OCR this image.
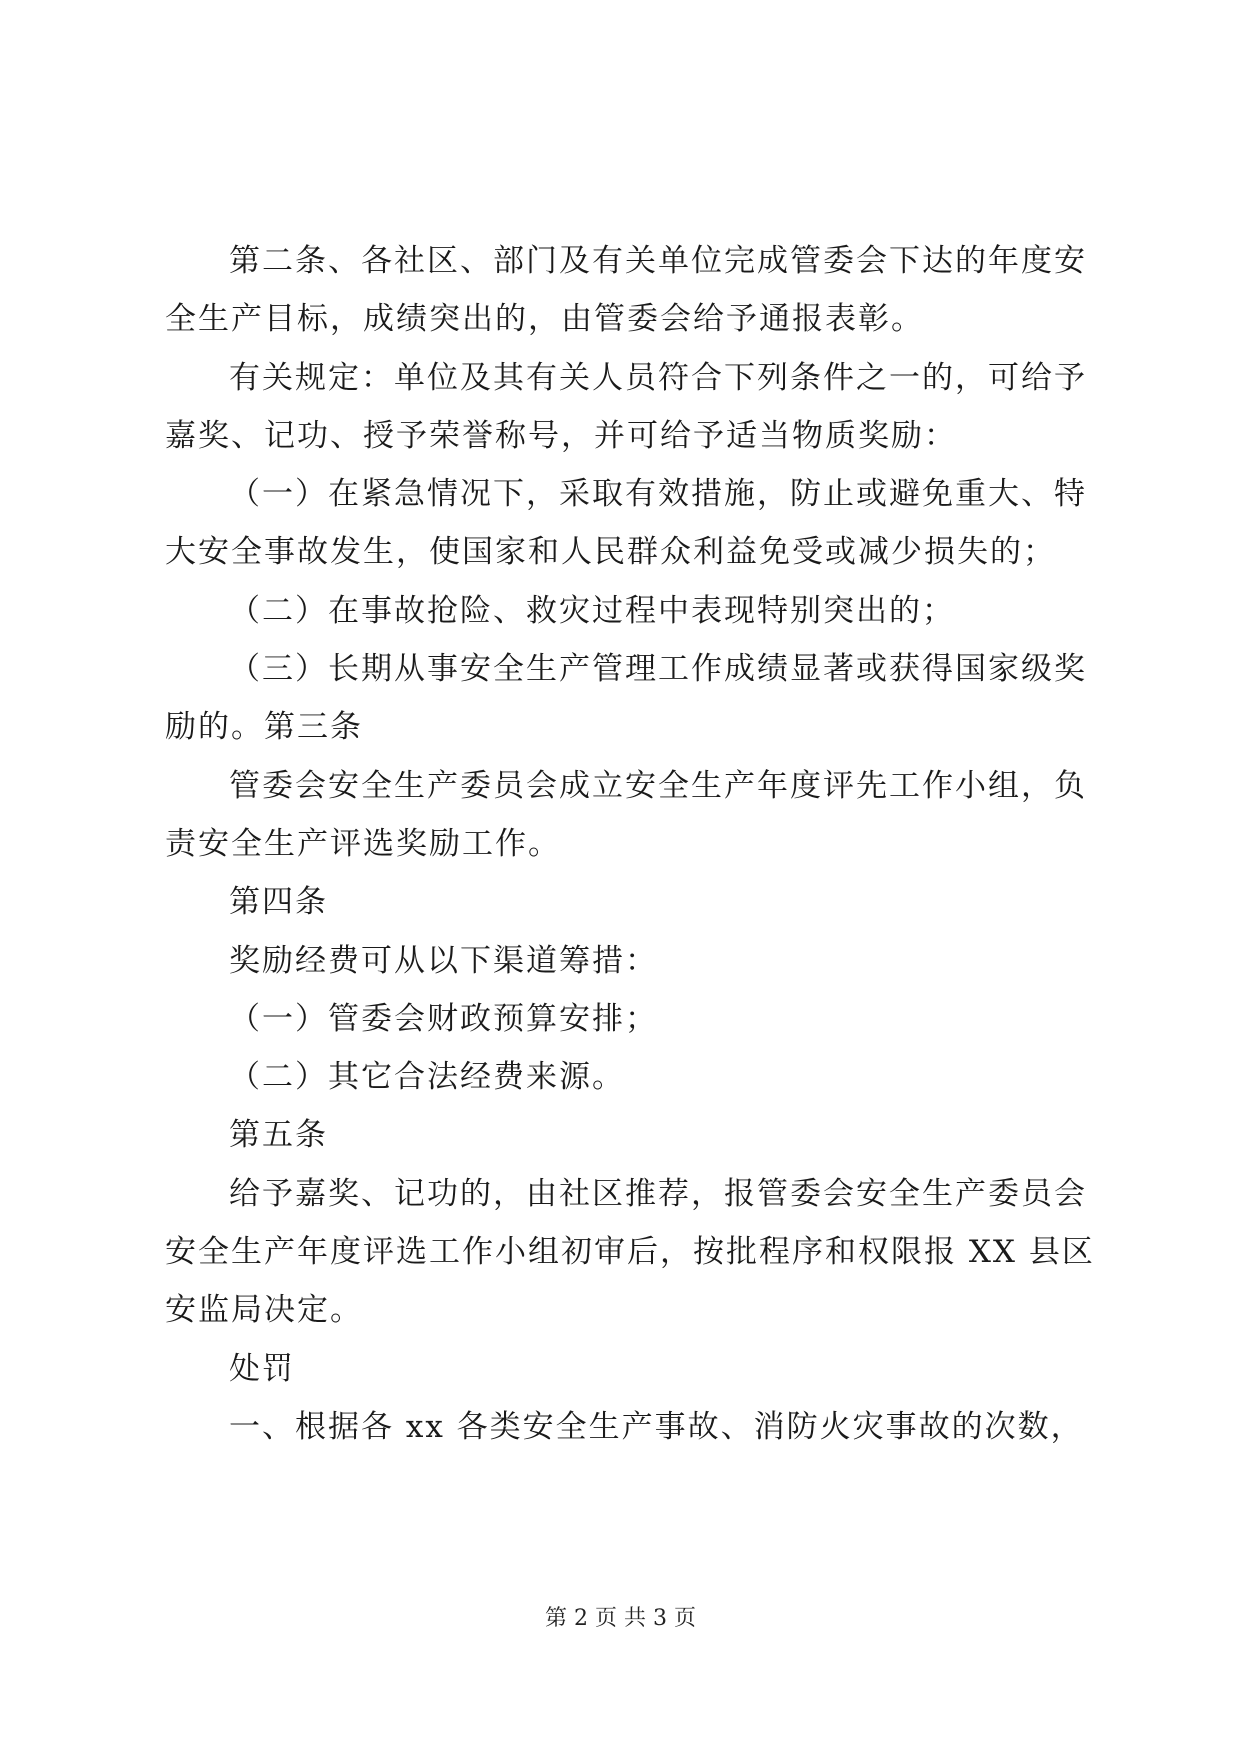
第二条、各社区、部门及有关单位完成管委会下达的年度安
全生产目标，成绩突出的，由管委会给予通报表彰。
有关规定：单位及其有关人员符合下列条件之一的，可给予
嘉奖、记功、授予荣誉称号，并可给予适当物质奖励：
（一）在紧急情况下，采取有效措施，防止或避免重大、特
大安全事故发生，使国家和人民群众利益免受或减少损失的；
（二）在事故抢险、救灾过程中表现特别突出的；
（三）长期从事安全生产管理工作成绩显著或获得国家级奖
励的。第三条
管委会安全生产委员会成立安全生产年度评先工作小组，负
责安全生产评选奖励工作。
第四条
奖励经费可从以下渠道筹措：
（一）管委会财政预算安排；
（二）其它合法经费来源。
第五条
给予嘉奖、记功的，由社区推荐，报管委会安全生产委员会
安全生产年度评选工作小组初审后，按批程序和权限报 XX 县区
安监局决定。
处罚
一、根据各 xx 各类安全生产事故、消防火灾事故的次数，
第 2 页 共 3 页
